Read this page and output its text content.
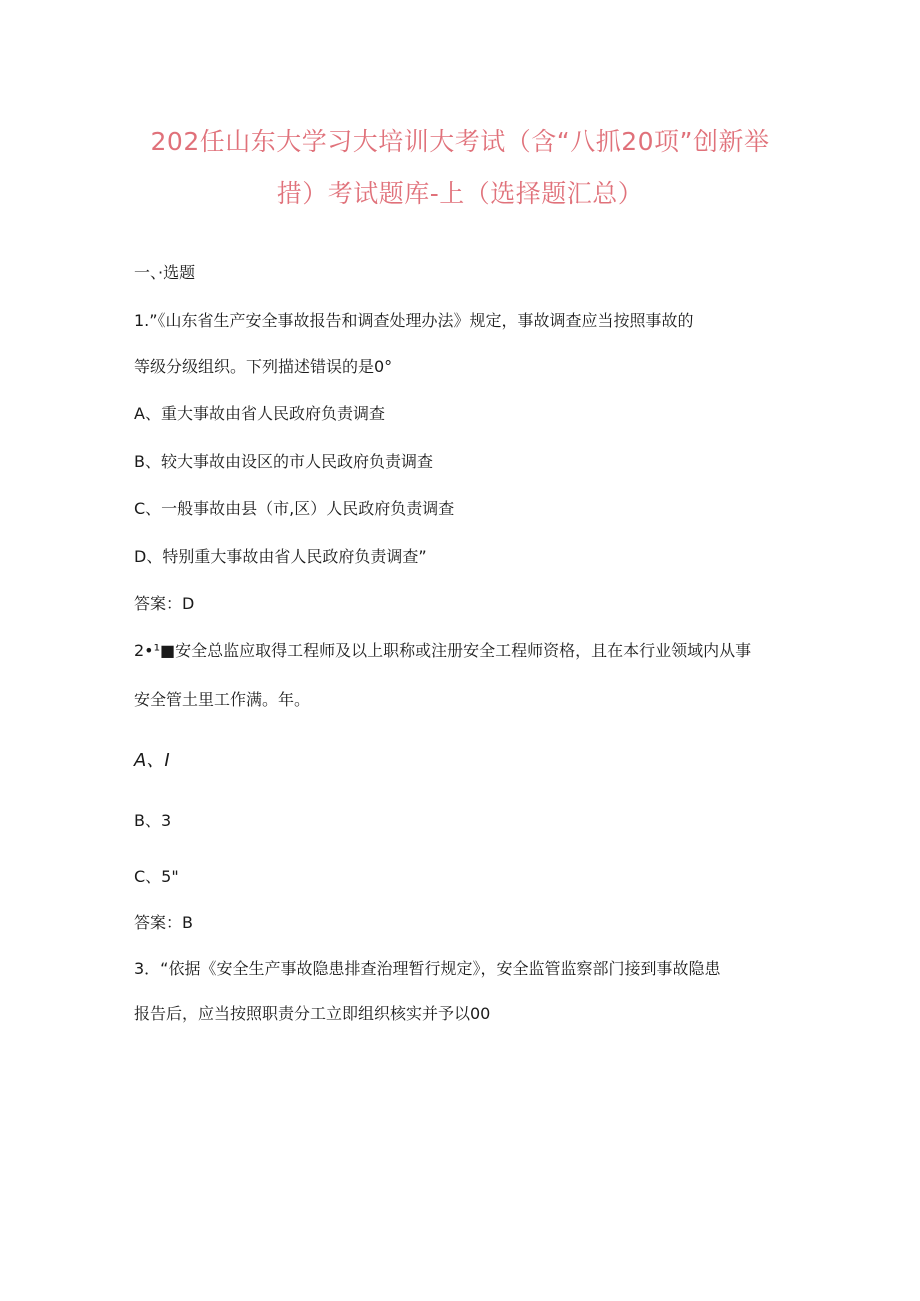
202任山东大学习大培训大考试（含“八抓20项”创新举
措）考试题库-上（选择题汇总）
一、·选题
1.”《山东省生产安全事故报告和调查处理办法》规定，事故调查应当按照事故的
等级分级组织。下列描述错误的是0°
A、重大事故由省人民政府负责调查
B、较大事故由设区的市人民政府负责调查
C、一般事故由县（市,区）人民政府负责调查
D、特别重大事故由省人民政府负责调查”
答案：D
2•¹■安全总监应取得工程师及以上职称或注册安全工程师资格，且在本行业领域内从事
安全管土里工作满。年。
A、I
B、3
C、5"
答案：B
3．“依据《安全生产事故隐患排查治理暂行规定》，安全监管监察部门接到事故隐患
报告后，应当按照职责分工立即组织核实并予以00
